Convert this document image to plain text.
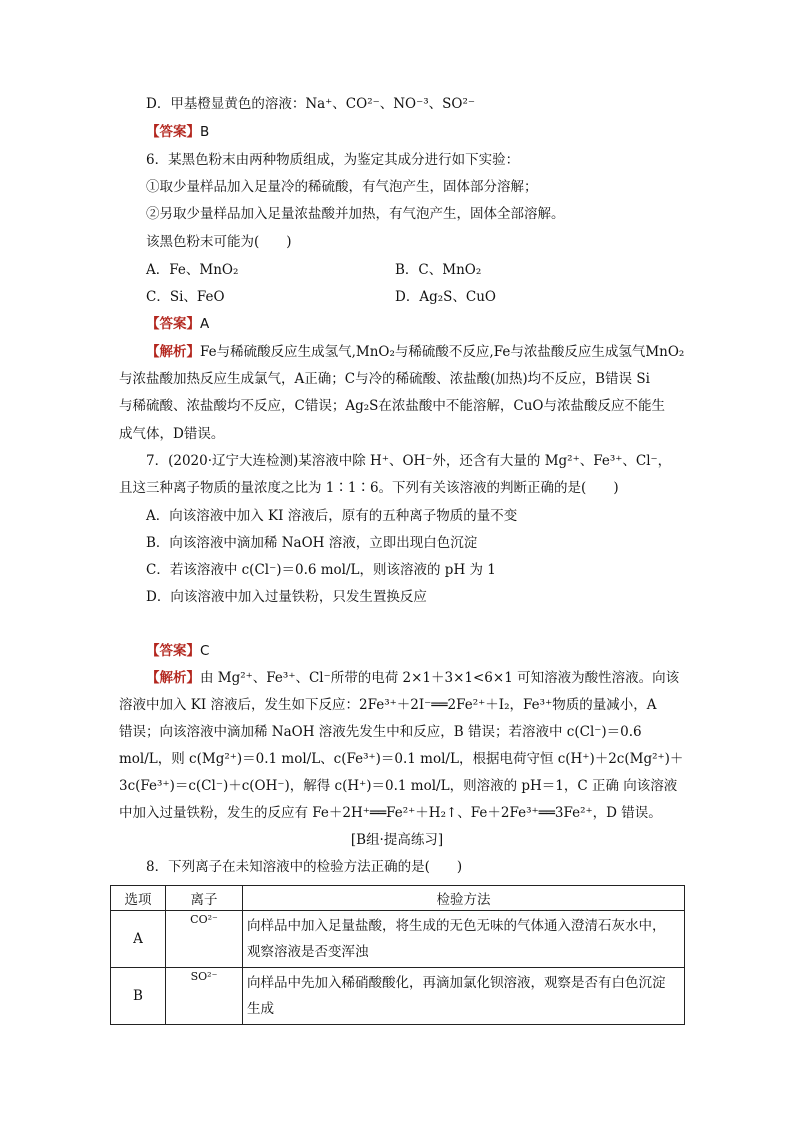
D．甲基橙显黄色的溶液：Na⁺、CO²⁻、NO⁻³、SO²⁻
【答案】B
6．某黑色粉末由两种物质组成，为鉴定其成分进行如下实验：
①取少量样品加入足量冷的稀硫酸，有气泡产生，固体部分溶解；
②另取少量样品加入足量浓盐酸并加热，有气泡产生，固体全部溶解。
该黑色粉末可能为(　　)
A．Fe、MnO₂	B．C、MnO₂
C．Si、FeO	D．Ag₂S、CuO
【答案】A
【解析】Fe与稀硫酸反应生成氢气,MnO₂与稀硫酸不反应,Fe与浓盐酸反应生成氢气MnO₂
与浓盐酸加热反应生成氯气，A正确；C与冷的稀硫酸、浓盐酸(加热)均不反应，B错误 Si
与稀硫酸、浓盐酸均不反应，C错误；Ag₂S在浓盐酸中不能溶解，CuO与浓盐酸反应不能生
成气体，D错误。
7．(2020·辽宁大连检测)某溶液中除 H⁺、OH⁻外，还含有大量的 Mg²⁺、Fe³⁺、Cl⁻，
且这三种离子物质的量浓度之比为 1∶1∶6。下列有关该溶液的判断正确的是(　　)
A．向该溶液中加入 KI 溶液后，原有的五种离子物质的量不变
B．向该溶液中滴加稀 NaOH 溶液，立即出现白色沉淀
C．若该溶液中 c(Cl⁻)＝0.6 mol/L，则该溶液的 pH 为 1
D．向该溶液中加入过量铁粉，只发生置换反应
【答案】C
【解析】由 Mg²⁺、Fe³⁺、Cl⁻所带的电荷 2×1＋3×1<6×1 可知溶液为酸性溶液。向该
溶液中加入 KI 溶液后，发生如下反应：2Fe³⁺＋2I⁻══2Fe²⁺＋I₂，Fe³⁺物质的量减小，A
错误；向该溶液中滴加稀 NaOH 溶液先发生中和反应，B 错误；若溶液中 c(Cl⁻)＝0.6
mol/L，则 c(Mg²⁺)＝0.1 mol/L、c(Fe³⁺)＝0.1 mol/L，根据电荷守恒 c(H⁺)＋2c(Mg²⁺)＋
3c(Fe³⁺)＝c(Cl⁻)＋c(OH⁻)，解得 c(H⁺)＝0.1 mol/L，则溶液的 pH＝1，C 正确 向该溶液
中加入过量铁粉，发生的反应有 Fe＋2H⁺══Fe²⁺＋H₂↑、Fe＋2Fe³⁺══3Fe²⁺，D 错误。
[B组·提高练习]
8．下列离子在未知溶液中的检验方法正确的是(　　)
选项	离子	检验方法
A	CO²⁻	向样品中加入足量盐酸，将生成的无色无味的气体通入澄清石灰水中，
观察溶液是否变浑浊

B	SO²⁻	向样品中先加入稀硝酸酸化，再滴加氯化钡溶液，观察是否有白色沉淀
生成
